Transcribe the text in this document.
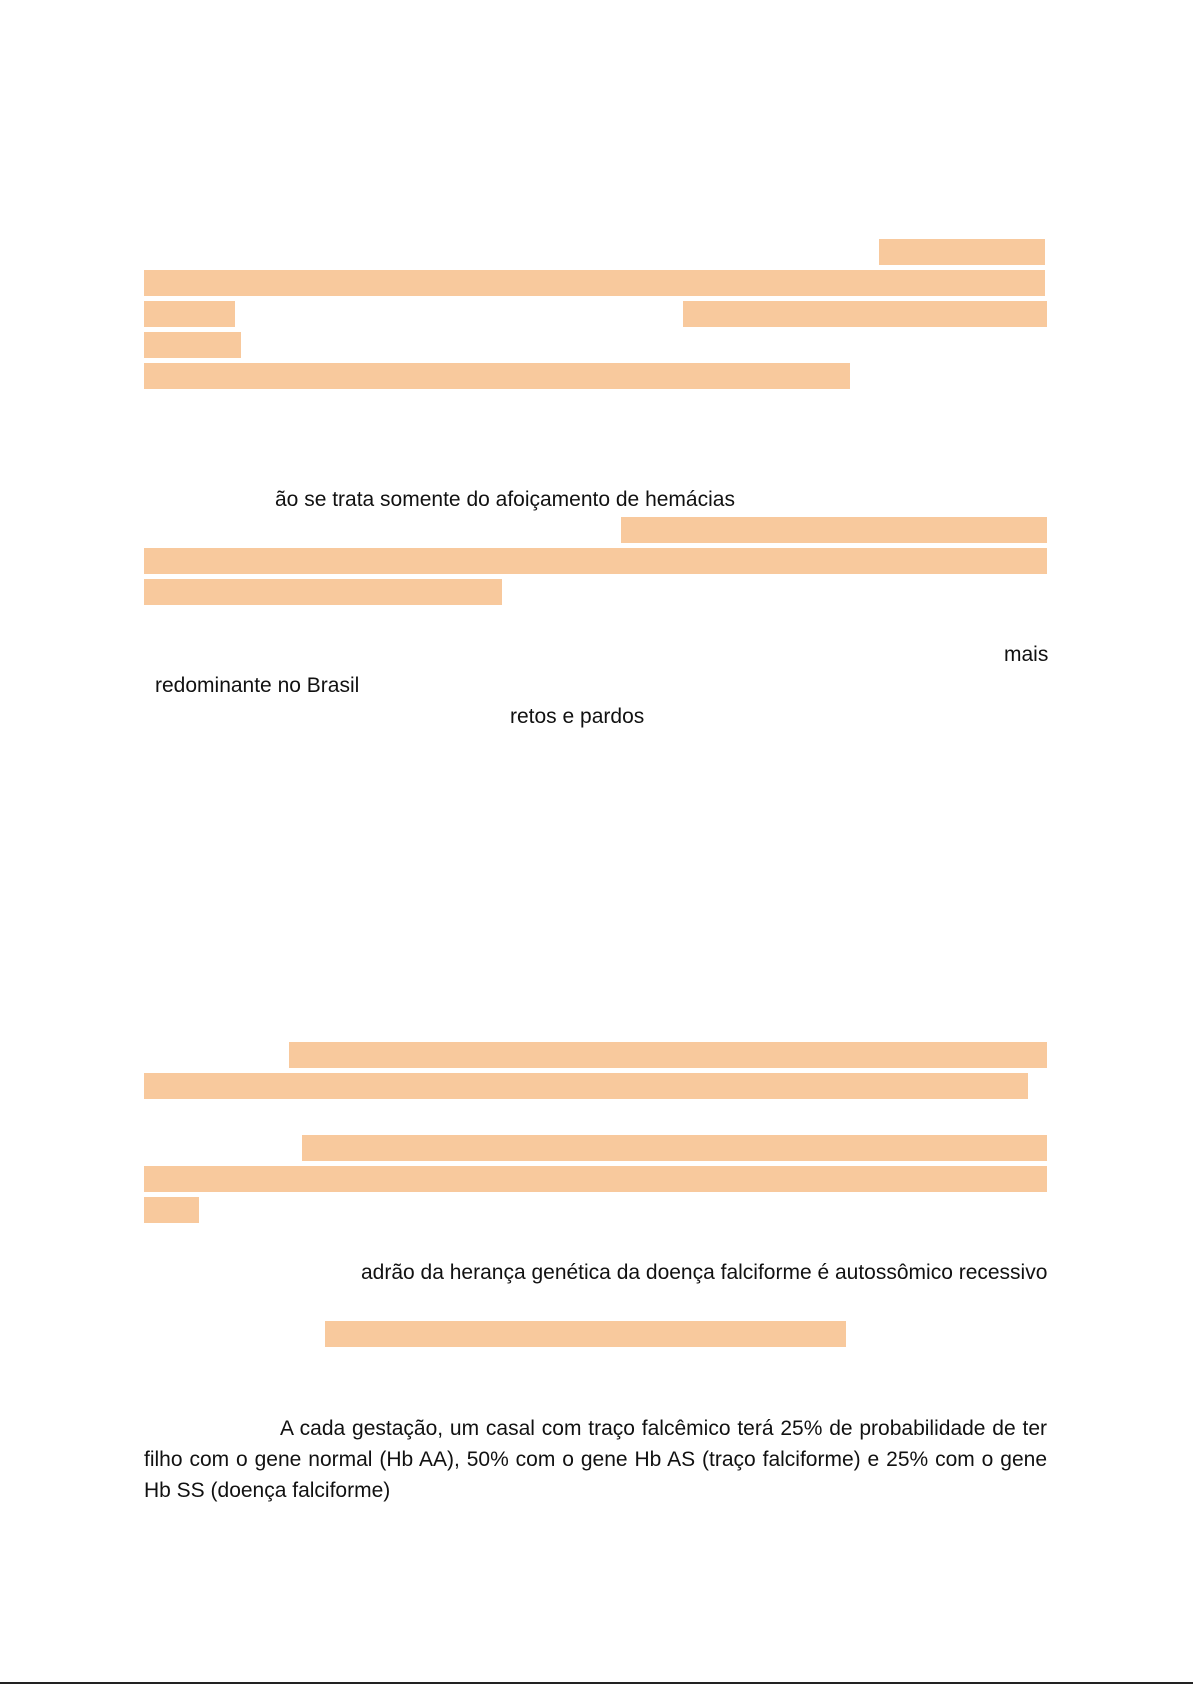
ão se trata somente do afoiçamento de hemácias
mais
redominante no Brasil
retos e pardos
adrão da herança genética da doença falciforme é autossômico recessivo
A cada gestação, um casal com traço falcêmico terá 25% de probabilidade de ter filho com o gene normal (Hb AA), 50% com o gene Hb AS (traço falciforme) e 25% com o gene Hb SS (doença falciforme)
